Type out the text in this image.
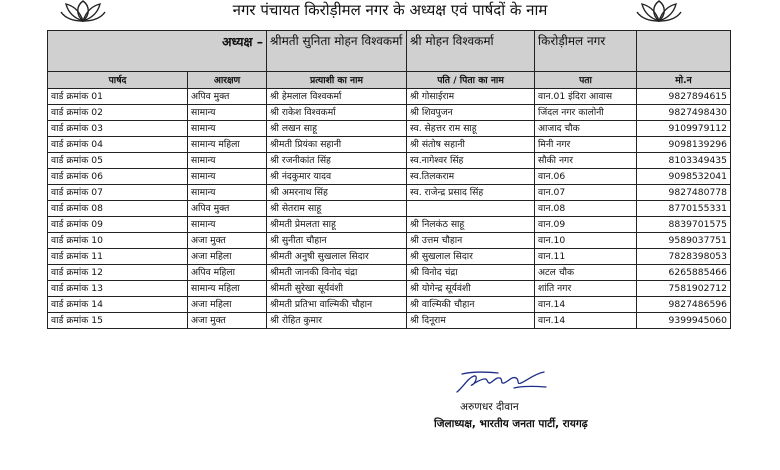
नगर पंचायत किरोड़ीमल नगर के अध्यक्ष एवं पार्षदों के नाम
अध्यक्ष –		श्रीमती सुनिता मोहन विश्वकर्मा	श्री मोहन विश्वकर्मा	किरोड़ीमल नगर	
पार्षद	आरक्षण	प्रत्याशी का नाम	पति / पिता का नाम	पता	मो.न
वार्ड क्रमांक 01	अपिव मुक्त	श्री हेमलाल विश्वकर्मा	श्री गोसाईराम	वान.01 इंदिरा आवास	9827894615
वार्ड क्रमांक 02	सामान्य	श्री राकेश विश्वकर्मा	श्री शिवपुजन	जिंदल नगर कालोनी	9827498430
वार्ड क्रमांक 03	सामान्य	श्री लखन साहू	स्व. सेहत्तर राम साहू	आजाद चौक	9109979112
वार्ड क्रमांक 04	सामान्य महिला	श्रीमती प्रियंका सहानी	श्री संतोष सहानी	मिनी नगर	9098139296
वार्ड क्रमांक 05	सामान्य	श्री रजनीकांत सिंह	स्व.नागेश्वर सिंह	सौकी नगर	8103349435
वार्ड क्रमांक 06	सामान्य	श्री नंदकुमार यादव	स्व.तिलकराम	वान.06	9098532041
वार्ड क्रमांक 07	सामान्य	श्री अमरनाथ सिंह	स्व. राजेन्द्र प्रसाद सिंह	वान.07	9827480778
वार्ड क्रमांक 08	अपिव मुक्त	श्री सेतराम साहू		वान.08	8770155331
वार्ड क्रमांक 09	सामान्य	श्रीमती प्रेमलता साहू	श्री निलकंठ साहू	वान.09	8839701575
वार्ड क्रमांक 10	अजा मुक्त	श्री सुनीता चौहान	श्री उत्तम चौहान	वान.10	9589037751
वार्ड क्रमांक 11	अजा महिला	श्रीमती अनुषी सुखलाल सिदार	श्री सुखलाल सिदार	वान.11	7828398053
वार्ड क्रमांक 12	अपिव महिला	श्रीमती जानकी विनोद चंद्रा	श्री विनोद चंद्रा	अटल चौक	6265885466
वार्ड क्रमांक 13	सामान्य महिला	श्रीमती सुरेखा सूर्यवंशी	श्री योगेन्द्र सूर्यवंशी	शांति नगर	7581902712
वार्ड क्रमांक 14	अजा महिला	श्रीमती प्रतिभा वाल्मिकी चौहान	श्री वाल्मिकी चौहान	वान.14	9827486596
वार्ड क्रमांक 15	अजा मुक्त	श्री रोहित कुमार	श्री दिनूराम	वान.14	9399945060
अरुणधर दीवान
जिलाध्यक्ष, भारतीय जनता पार्टी, रायगढ़
